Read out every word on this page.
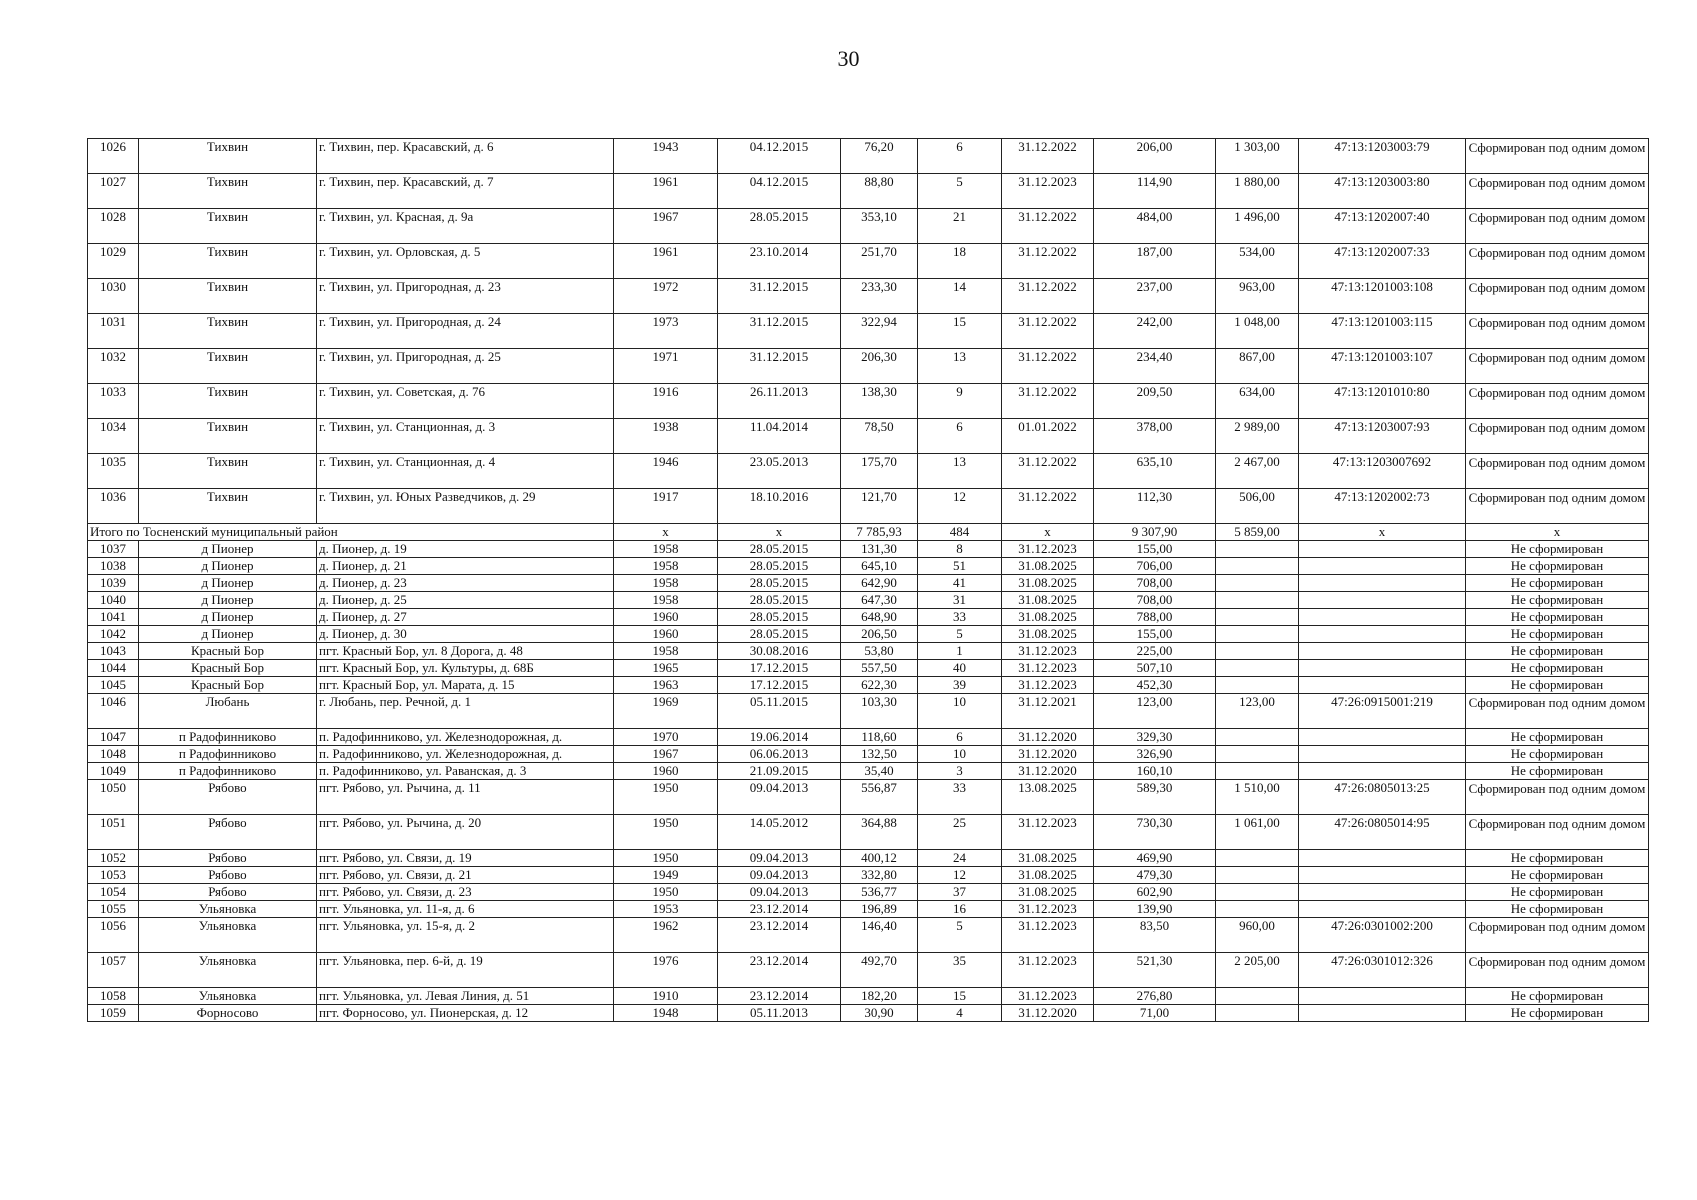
30
1026	Тихвин	г. Тихвин, пер. Красавский, д. 6	1943	04.12.2015	76,20	6	31.12.2022	206,00	1 303,00	47:13:1203003:79	Сформирован под одним домом
1027	Тихвин	г. Тихвин, пер. Красавский, д. 7	1961	04.12.2015	88,80	5	31.12.2023	114,90	1 880,00	47:13:1203003:80	Сформирован под одним домом
1028	Тихвин	г. Тихвин, ул. Красная, д. 9а	1967	28.05.2015	353,10	21	31.12.2022	484,00	1 496,00	47:13:1202007:40	Сформирован под одним домом
1029	Тихвин	г. Тихвин, ул. Орловская, д. 5	1961	23.10.2014	251,70	18	31.12.2022	187,00	534,00	47:13:1202007:33	Сформирован под одним домом
1030	Тихвин	г. Тихвин, ул. Пригородная, д. 23	1972	31.12.2015	233,30	14	31.12.2022	237,00	963,00	47:13:1201003:108	Сформирован под одним домом
1031	Тихвин	г. Тихвин, ул. Пригородная, д. 24	1973	31.12.2015	322,94	15	31.12.2022	242,00	1 048,00	47:13:1201003:115	Сформирован под одним домом
1032	Тихвин	г. Тихвин, ул. Пригородная, д. 25	1971	31.12.2015	206,30	13	31.12.2022	234,40	867,00	47:13:1201003:107	Сформирован под одним домом
1033	Тихвин	г. Тихвин, ул. Советская, д. 76	1916	26.11.2013	138,30	9	31.12.2022	209,50	634,00	47:13:1201010:80	Сформирован под одним домом
1034	Тихвин	г. Тихвин, ул. Станционная, д. 3	1938	11.04.2014	78,50	6	01.01.2022	378,00	2 989,00	47:13:1203007:93	Сформирован под одним домом
1035	Тихвин	г. Тихвин, ул. Станционная, д. 4	1946	23.05.2013	175,70	13	31.12.2022	635,10	2 467,00	47:13:1203007692	Сформирован под одним домом
1036	Тихвин	г. Тихвин, ул. Юных Разведчиков, д. 29	1917	18.10.2016	121,70	12	31.12.2022	112,30	506,00	47:13:1202002:73	Сформирован под одним домом
Итого по Тосненский муниципальный район			x	x	7 785,93	484	x	9 307,90	5 859,00	x	x
1037	д Пионер	д. Пионер, д. 19	1958	28.05.2015	131,30	8	31.12.2023	155,00			Не сформирован
1038	д Пионер	д. Пионер, д. 21	1958	28.05.2015	645,10	51	31.08.2025	706,00			Не сформирован
1039	д Пионер	д. Пионер, д. 23	1958	28.05.2015	642,90	41	31.08.2025	708,00			Не сформирован
1040	д Пионер	д. Пионер, д. 25	1958	28.05.2015	647,30	31	31.08.2025	708,00			Не сформирован
1041	д Пионер	д. Пионер, д. 27	1960	28.05.2015	648,90	33	31.08.2025	788,00			Не сформирован
1042	д Пионер	д. Пионер, д. 30	1960	28.05.2015	206,50	5	31.08.2025	155,00			Не сформирован
1043	Красный Бор	пгт. Красный Бор, ул. 8 Дорога, д. 48	1958	30.08.2016	53,80	1	31.12.2023	225,00			Не сформирован
1044	Красный Бор	пгт. Красный Бор, ул. Культуры, д. 68Б	1965	17.12.2015	557,50	40	31.12.2023	507,10			Не сформирован
1045	Красный Бор	пгт. Красный Бор, ул. Марата, д. 15	1963	17.12.2015	622,30	39	31.12.2023	452,30			Не сформирован
1046	Любань	г. Любань, пер. Речной, д. 1	1969	05.11.2015	103,30	10	31.12.2021	123,00	123,00	47:26:0915001:219	Сформирован под одним домом
1047	п Радофинниково	п. Радофинниково, ул. Железнодорожная, д.	1970	19.06.2014	118,60	6	31.12.2020	329,30			Не сформирован
1048	п Радофинниково	п. Радофинниково, ул. Железнодорожная, д.	1967	06.06.2013	132,50	10	31.12.2020	326,90			Не сформирован
1049	п Радофинниково	п. Радофинниково, ул. Раванская, д. 3	1960	21.09.2015	35,40	3	31.12.2020	160,10			Не сформирован
1050	Рябово	пгт. Рябово, ул. Рычина, д. 11	1950	09.04.2013	556,87	33	13.08.2025	589,30	1 510,00	47:26:0805013:25	Сформирован под одним домом
1051	Рябово	пгт. Рябово, ул. Рычина, д. 20	1950	14.05.2012	364,88	25	31.12.2023	730,30	1 061,00	47:26:0805014:95	Сформирован под одним домом
1052	Рябово	пгт. Рябово, ул. Связи, д. 19	1950	09.04.2013	400,12	24	31.08.2025	469,90			Не сформирован
1053	Рябово	пгт. Рябово, ул. Связи, д. 21	1949	09.04.2013	332,80	12	31.08.2025	479,30			Не сформирован
1054	Рябово	пгт. Рябово, ул. Связи, д. 23	1950	09.04.2013	536,77	37	31.08.2025	602,90			Не сформирован
1055	Ульяновка	пгт. Ульяновка, ул. 11-я, д. 6	1953	23.12.2014	196,89	16	31.12.2023	139,90			Не сформирован
1056	Ульяновка	пгт. Ульяновка, ул. 15-я, д. 2	1962	23.12.2014	146,40	5	31.12.2023	83,50	960,00	47:26:0301002:200	Сформирован под одним домом
1057	Ульяновка	пгт. Ульяновка, пер. 6-й, д. 19	1976	23.12.2014	492,70	35	31.12.2023	521,30	2 205,00	47:26:0301012:326	Сформирован под одним домом
1058	Ульяновка	пгт. Ульяновка, ул. Левая Линия, д. 51	1910	23.12.2014	182,20	15	31.12.2023	276,80			Не сформирован
1059	Форносово	пгт. Форносово, ул. Пионерская, д. 12	1948	05.11.2013	30,90	4	31.12.2020	71,00			Не сформирован
